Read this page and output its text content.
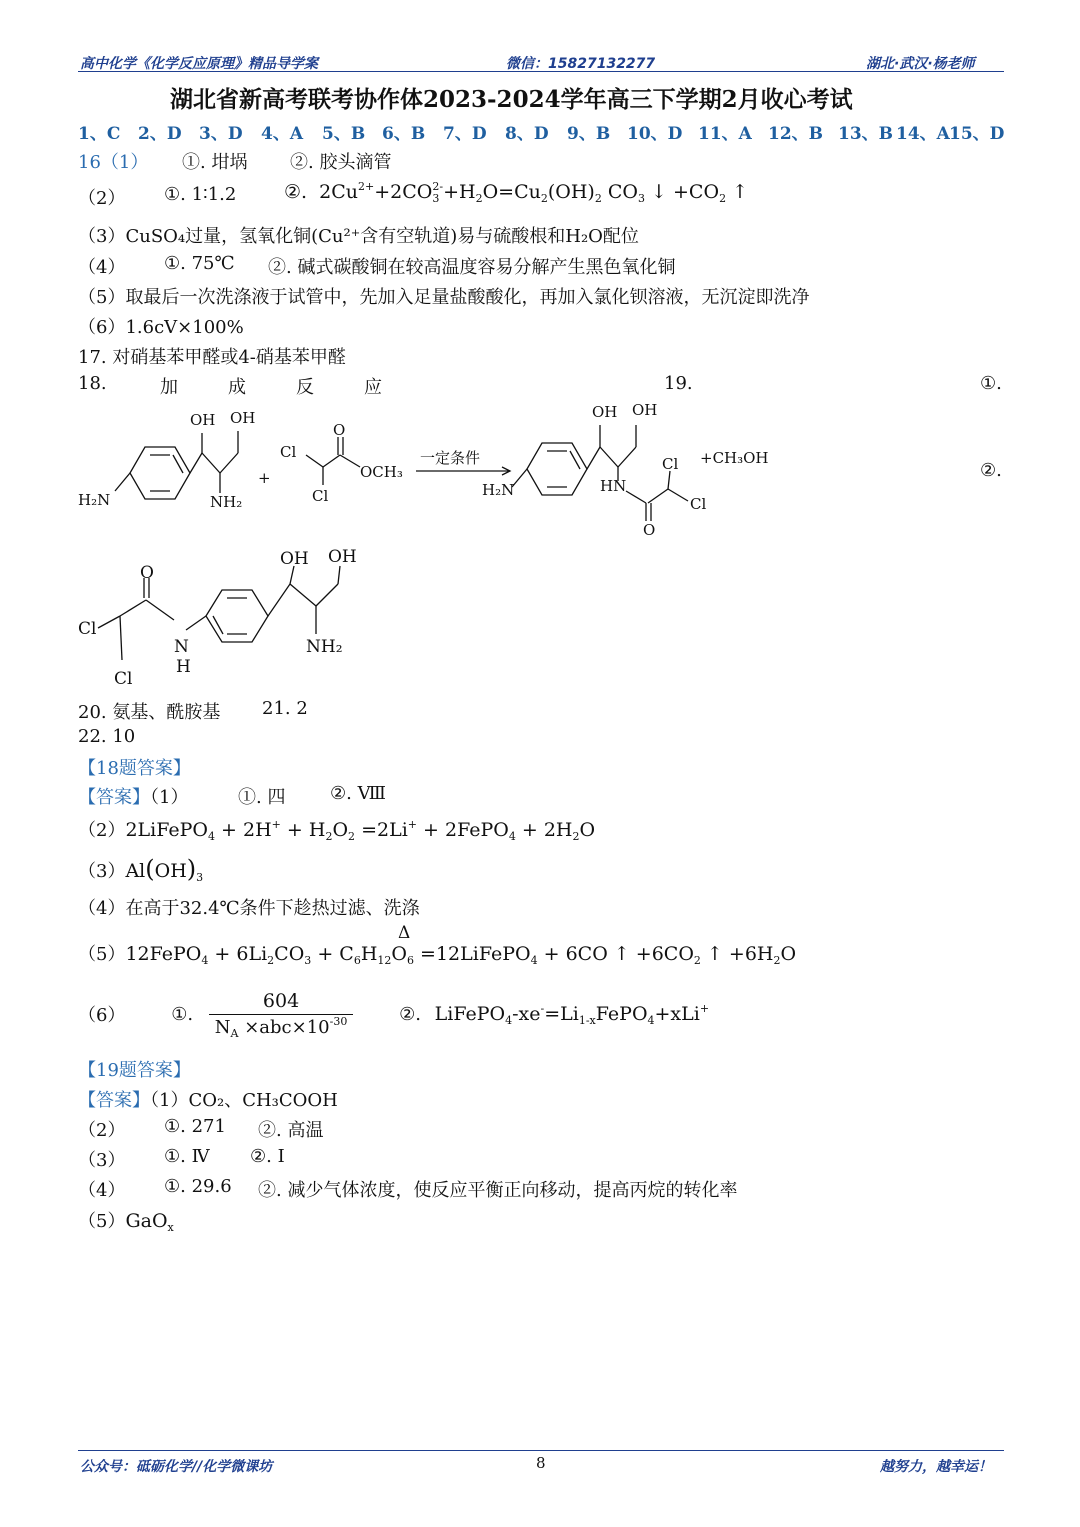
高中化学《化学反应原理》精品导学案	微信：15827132277	湖北·武汉·杨老师
湖北省新高考联考协作体2023-2024学年高三下学期2月收心考试
1、C 2、D 3、D 4、A 5、B 6、B 7、D 8、D 9、B 10、D 11、A 12、B 13、B 14、A 15、D
16（1） ①. 坩埚 ②. 胶头滴管
（2） ①. 1∶1.2	②.  $2Cu^{2+}+2CO_3^{2-}+H_2O=Cu_2(OH)_2$ $CO_3$ ↓ $+CO_2$ ↑
（3）CuSO₄过量，氢氧化铜(Cu²⁺含有空轨道)易与硫酸根和H₂O配位
（4） ①. 75℃ ②. 碱式碳酸铜在较高温度容易分解产生黑色氧化铜
（5）取最后一次洗涤液于试管中，先加入足量盐酸酸化，再加入氯化钡溶液，无沉淀即洗净
（6）1.6cV×100%
17. 对硝基苯甲醛或4-硝基苯甲醛
18.	加	成	反	应	19.	①.
②.
OH OH
H₂N	NH₂
+
Cl
Cl
O
OCH₃
一定条件
OH OH
H₂N	HN
Cl
Cl
O
+CH₃OH
OH OH
Cl
Cl
O
N
H
NH₂
20. 氨基、酰胺基 21. 2
22. 10
【18题答案】
【答案】（1）	①. 四 ②. Ⅷ
（2）2LiFePO$_4$ + $2H^+ + H_2O_2 =2Li^+$ + 2FePO$_4$ + $2H_2O$
$(3)Al(OH)_3$
（4）在高于32.4℃条件下趁热过滤、洗涤
Δ
（5）12FePO$_4$ + $6Li_2CO_3 + C_6H_{12}O_6$ =12LiFePO$_4$ + 6CO ↑ $+6CO_2$ ↑ $+6H_2O$
（6）	①. $\frac{604}{N_A \times abc\times 10^{-30}}$	②. $LiFePO_4-xe^-=Li_{1-x}FePO_4+xLi^+$
【19题答案】
【答案】（1）CO₂、CH₃COOH
（2） ①. 271 ②. 高温
（3） ①. Ⅳ ②. Ⅰ
（4） ①. 29.6 ②. 减少气体浓度，使反应平衡正向移动，提高丙烷的转化率
（5）GaO$_x$
公众号：砥砺化学//化学微课坊	8	越努力，越幸运！
